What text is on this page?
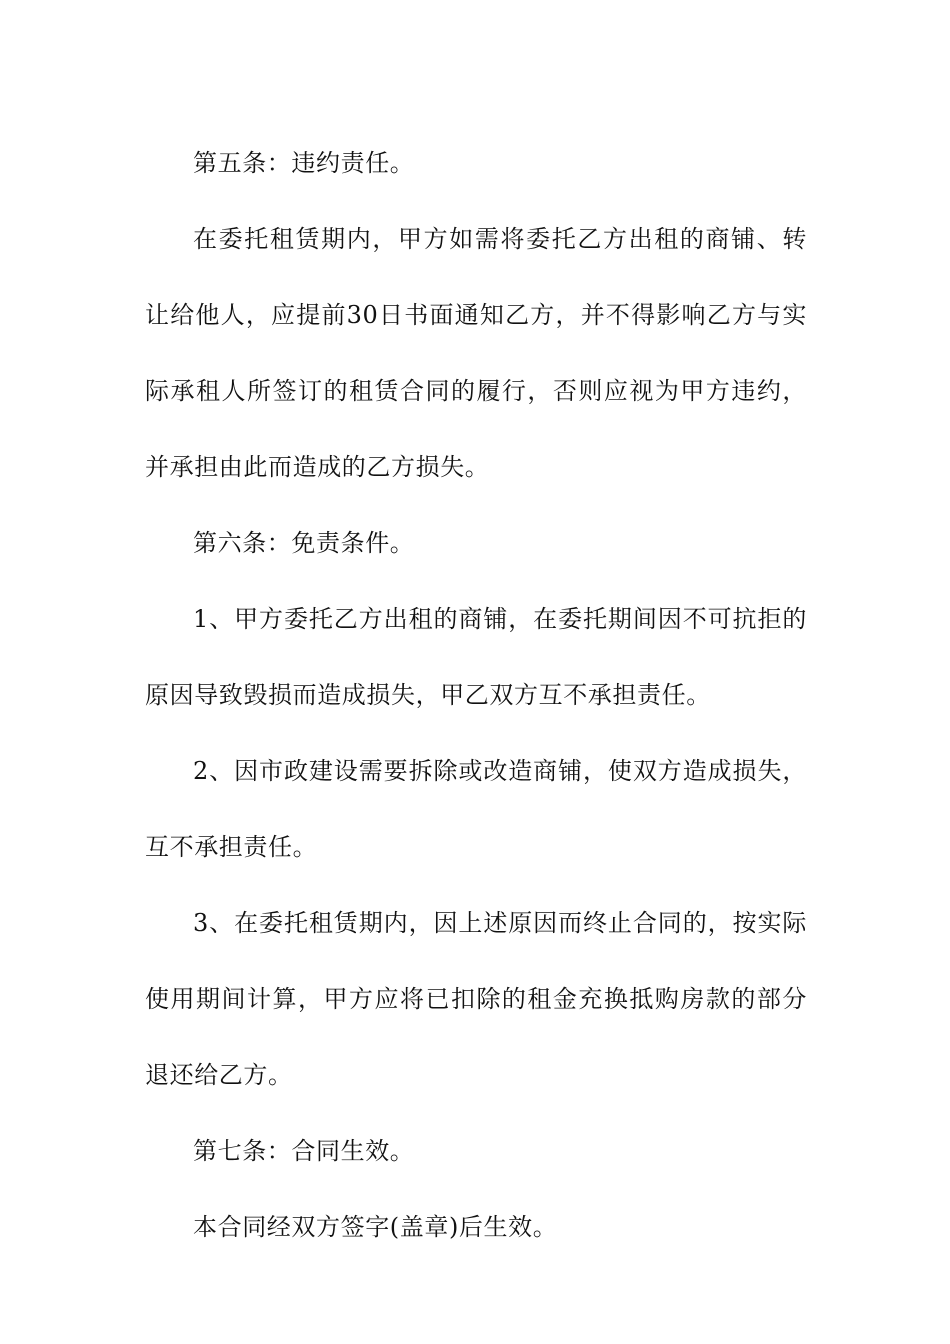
第五条：违约责任。

在委托租赁期内，甲方如需将委托乙方出租的商铺、转让给他人，应提前30日书面通知乙方，并不得影响乙方与实际承租人所签订的租赁合同的履行，否则应视为甲方违约，并承担由此而造成的乙方损失。

第六条：免责条件。

1、甲方委托乙方出租的商铺，在委托期间因不可抗拒的原因导致毁损而造成损失，甲乙双方互不承担责任。

2、因市政建设需要拆除或改造商铺，使双方造成损失，互不承担责任。

3、在委托租赁期内，因上述原因而终止合同的，按实际使用期间计算，甲方应将已扣除的租金充换抵购房款的部分退还给乙方。

第七条：合同生效。

本合同经双方签字(盖章)后生效。
